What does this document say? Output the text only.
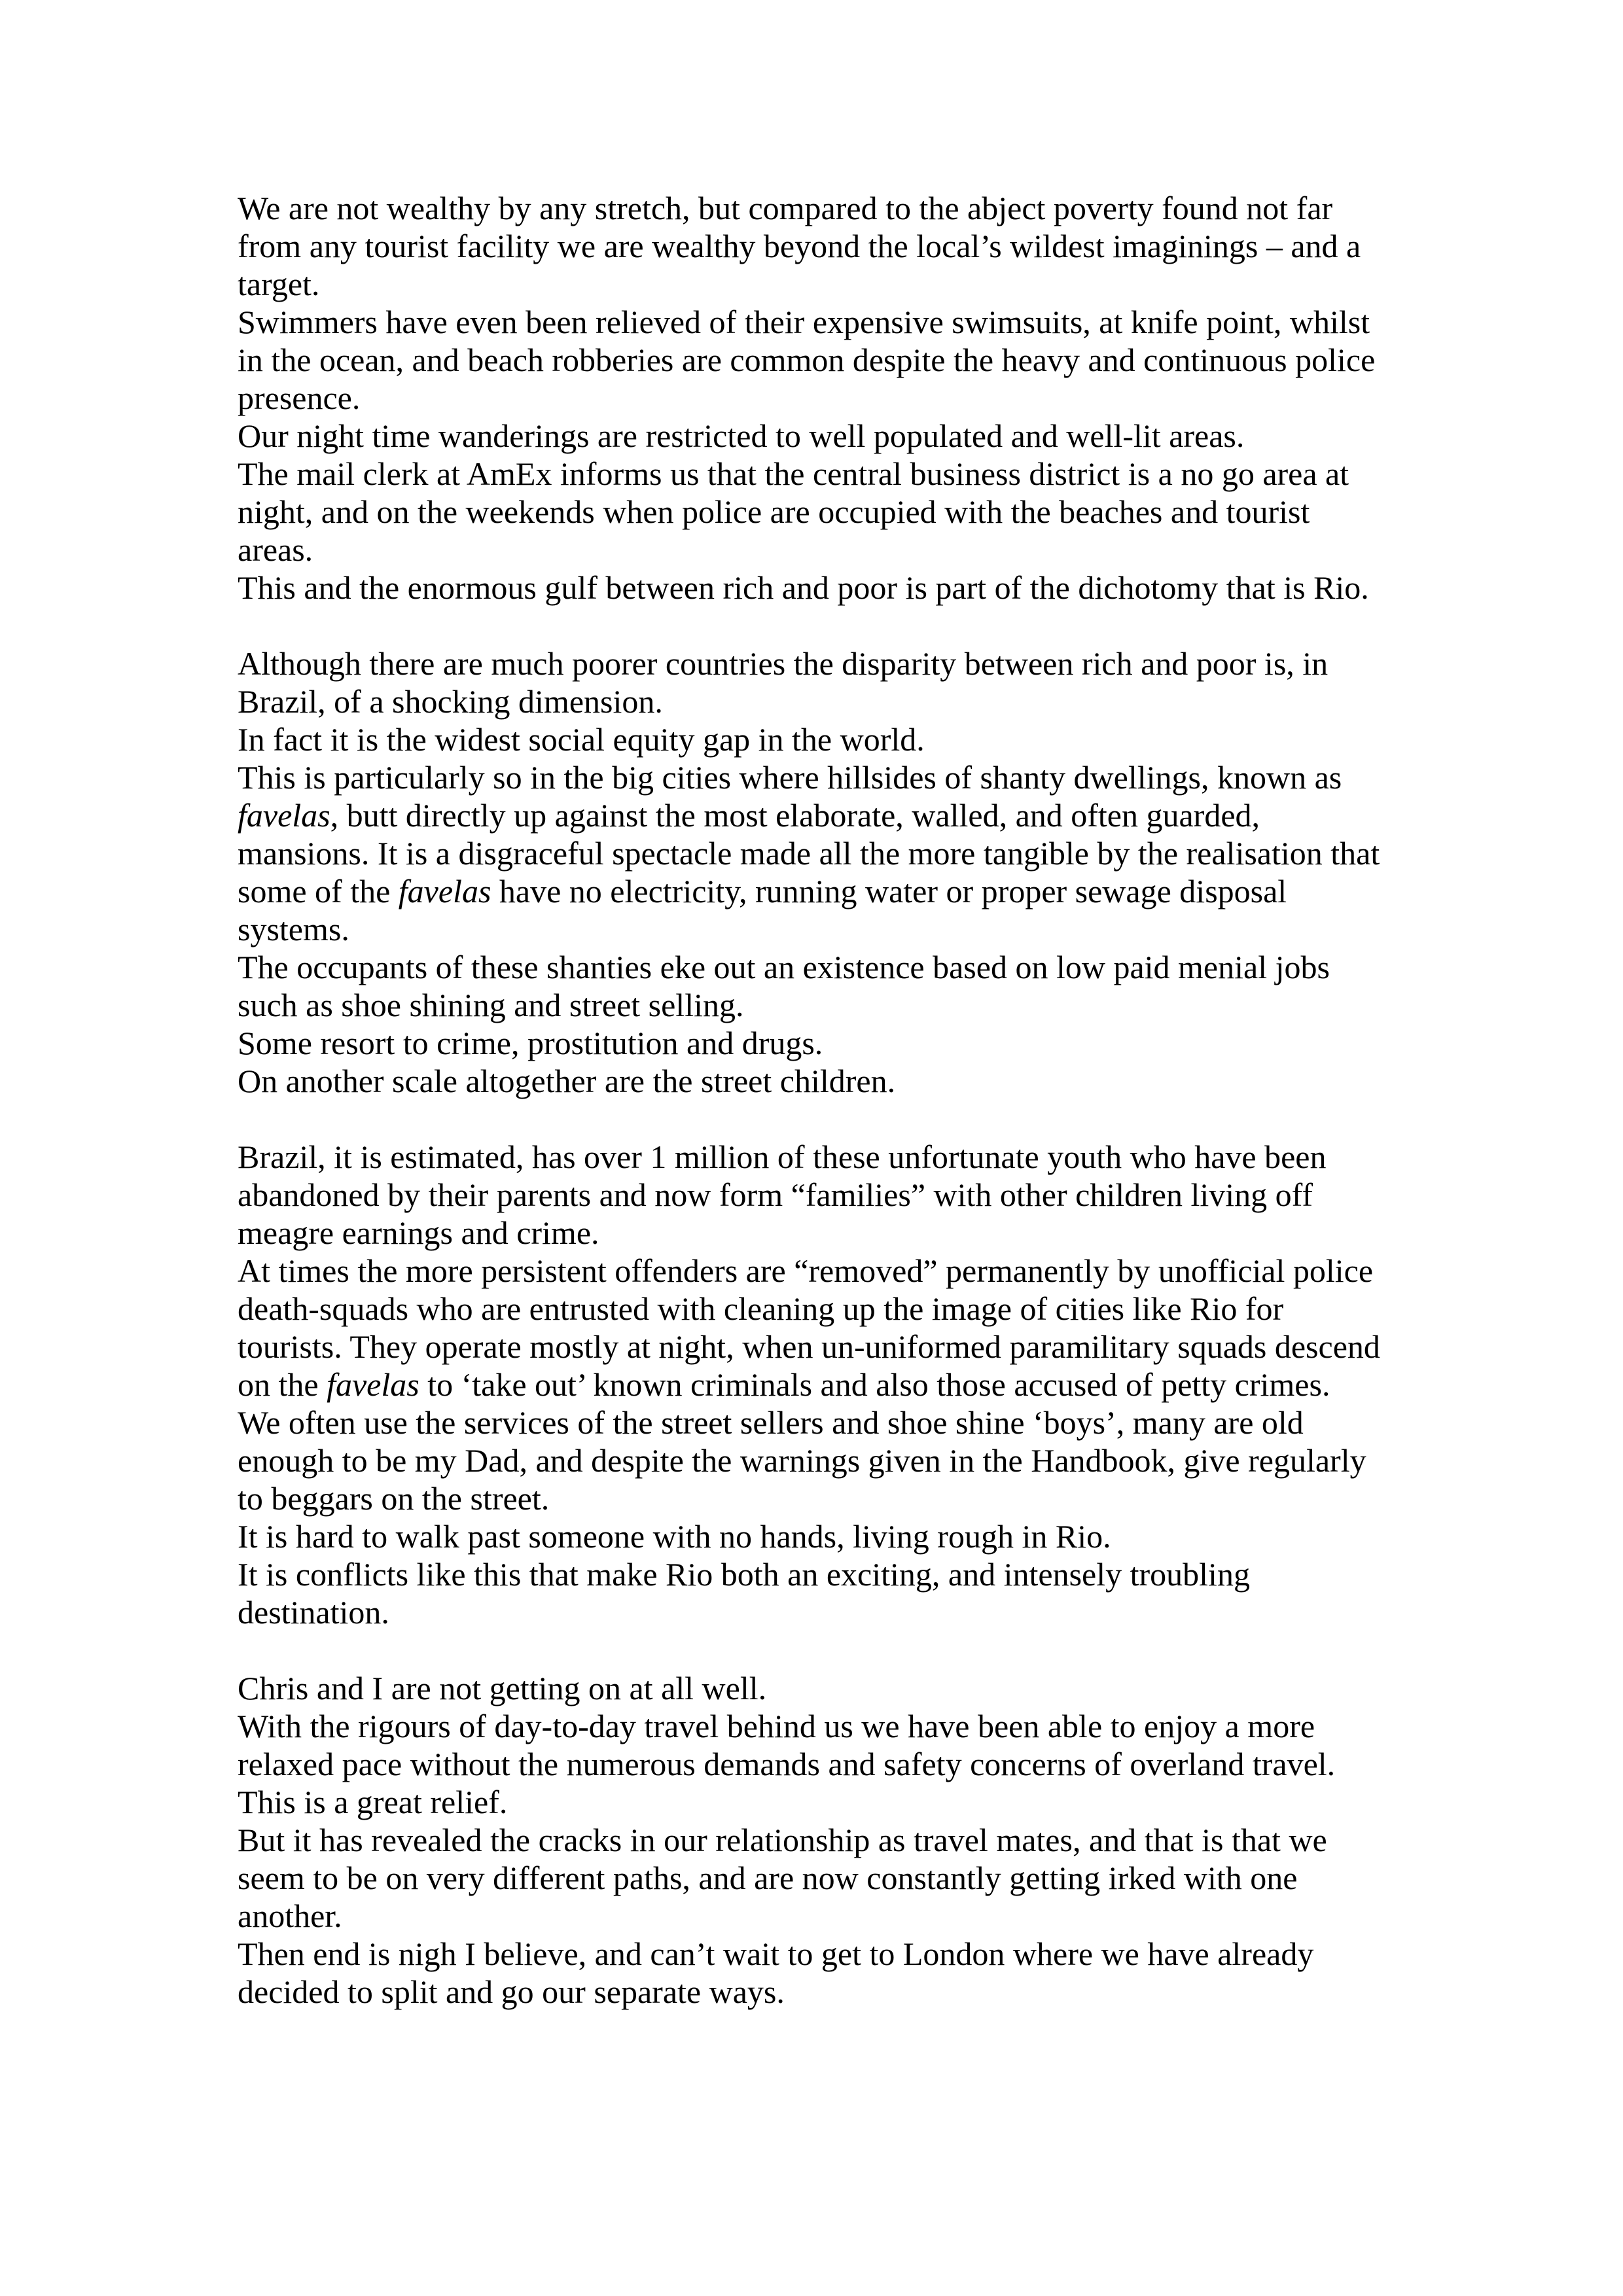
We are not wealthy by any stretch, but compared to the abject poverty found not far from any tourist facility we are wealthy beyond the local’s wildest imaginings – and a target.

Swimmers have even been relieved of their expensive swimsuits, at knife point, whilst in the ocean, and beach robberies are common despite the heavy and continuous police presence.

Our night time wanderings are restricted to well populated and well-lit areas.

The mail clerk at AmEx informs us that the central business district is a no go area at night, and on the weekends when police are occupied with the beaches and tourist areas.

This and the enormous gulf between rich and poor is part of the dichotomy that is Rio.

Although there are much poorer countries the disparity between rich and poor is, in Brazil, of a shocking dimension.

In fact it is the widest social equity gap in the world.

This is particularly so in the big cities where hillsides of shanty dwellings, known as favelas, butt directly up against the most elaborate, walled, and often guarded, mansions. It is a disgraceful spectacle made all the more tangible by the realisation that some of the favelas have no electricity, running water or proper sewage disposal systems.

The occupants of these shanties eke out an existence based on low paid menial jobs such as shoe shining and street selling.

Some resort to crime, prostitution and drugs.

On another scale altogether are the street children.

Brazil, it is estimated, has over 1 million of these unfortunate youth who have been abandoned by their parents and now form “families” with other children living off meagre earnings and crime.

At times the more persistent offenders are “removed” permanently by unofficial police death-squads who are entrusted with cleaning up the image of cities like Rio for tourists. They operate mostly at night, when un-uniformed paramilitary squads descend on the favelas to ‘take out’ known criminals and also those accused of petty crimes.

We often use the services of the street sellers and shoe shine ‘boys’, many are old enough to be my Dad, and despite the warnings given in the Handbook, give regularly to beggars on the street.

It is hard to walk past someone with no hands, living rough in Rio.

It is conflicts like this that make Rio both an exciting, and intensely troubling destination.

Chris and I are not getting on at all well.

With the rigours of day-to-day travel behind us we have been able to enjoy a more relaxed pace without the numerous demands and safety concerns of overland travel.

This is a great relief.

But it has revealed the cracks in our relationship as travel mates, and that is that we seem to be on very different paths, and are now constantly getting irked with one another.

Then end is nigh I believe, and can’t wait to get to London where we have already decided to split and go our separate ways.
